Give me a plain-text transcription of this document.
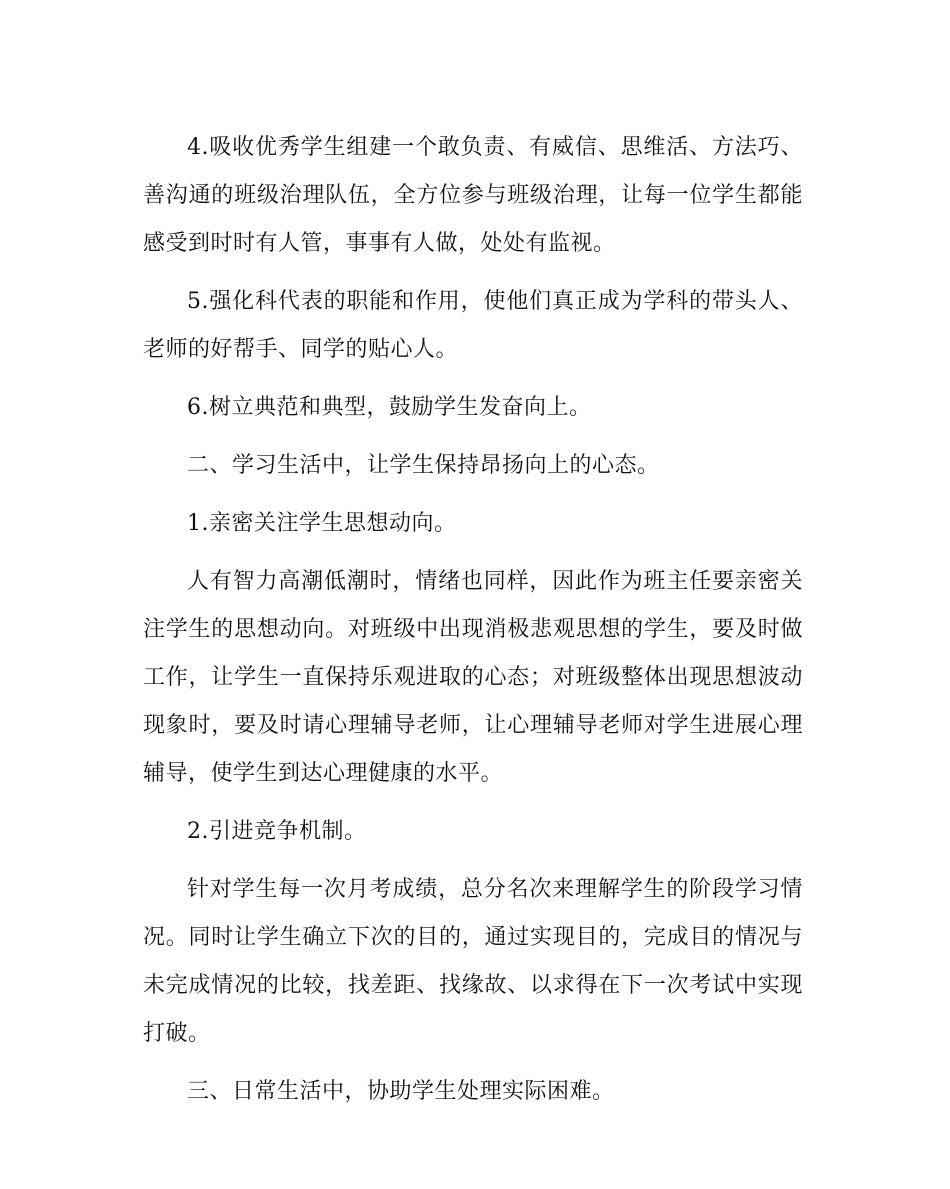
4.吸收优秀学生组建一个敢负责、有威信、思维活、方法巧、善沟通的班级治理队伍，全方位参与班级治理，让每一位学生都能感受到时时有人管，事事有人做，处处有监视。

5.强化科代表的职能和作用，使他们真正成为学科的带头人、老师的好帮手、同学的贴心人。

6.树立典范和典型，鼓励学生发奋向上。

二、学习生活中，让学生保持昂扬向上的心态。

1.亲密关注学生思想动向。

人有智力高潮低潮时，情绪也同样，因此作为班主任要亲密关注学生的思想动向。对班级中出现消极悲观思想的学生，要及时做工作，让学生一直保持乐观进取的心态；对班级整体出现思想波动现象时，要及时请心理辅导老师，让心理辅导老师对学生进展心理辅导，使学生到达心理健康的水平。

2.引进竞争机制。

针对学生每一次月考成绩，总分名次来理解学生的阶段学习情况。同时让学生确立下次的目的，通过实现目的，完成目的情况与未完成情况的比较，找差距、找缘故、以求得在下一次考试中实现打破。

三、日常生活中，协助学生处理实际困难。
